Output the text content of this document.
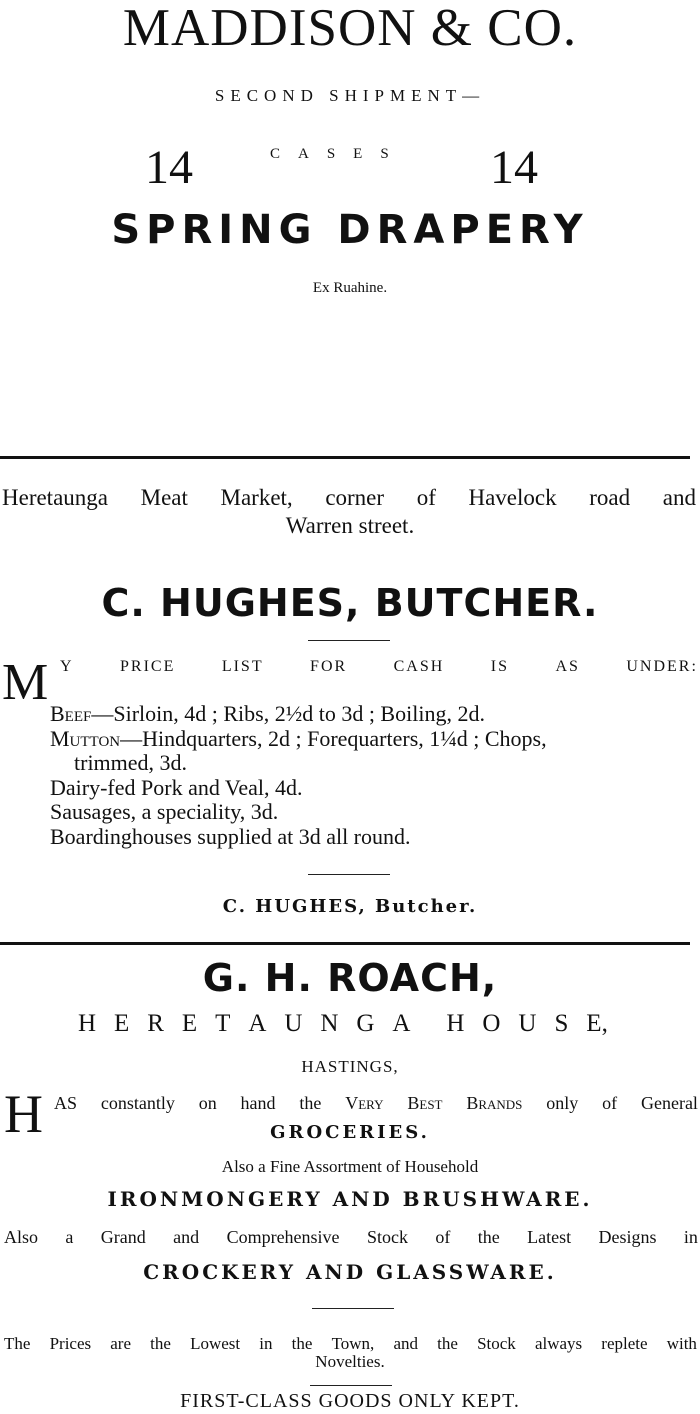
MADDISON & CO.
SECOND SHIPMENT—
14	CASES 14
SPRING DRAPERY
Ex Ruahine.
Heretaunga Meat Market, corner of Havelock road and
Warren street.
C. HUGHES, BUTCHER.
M Y	PRICE	LIST	FOR	CASH	IS	AS	UNDER:
Beef—Sirloin, 4d ; Ribs, 2½d to 3d ; Boiling, 2d.
Mutton—Hindquarters, 2d ; Forequarters, 1¼d ; Chops,
trimmed, 3d.
Dairy-fed Pork and Veal, 4d.
Sausages, a speciality, 3d.
Boardinghouses supplied at 3d all round.
C. HUGHES, Butcher.
G. H. ROACH,
H E R E T A U N G A H O U S E,
HASTINGS,
H AS constantly on hand the Very Best Brands only of General
GROCERIES.
Also a Fine Assortment of Household
IRONMONGERY AND BRUSHWARE.
Also a Grand and Comprehensive Stock of the Latest Designs in
CROCKERY AND GLASSWARE.
The Prices are the Lowest in the Town, and the Stock always replete with
Novelties.
FIRST-CLASS GOODS ONLY KEPT.
